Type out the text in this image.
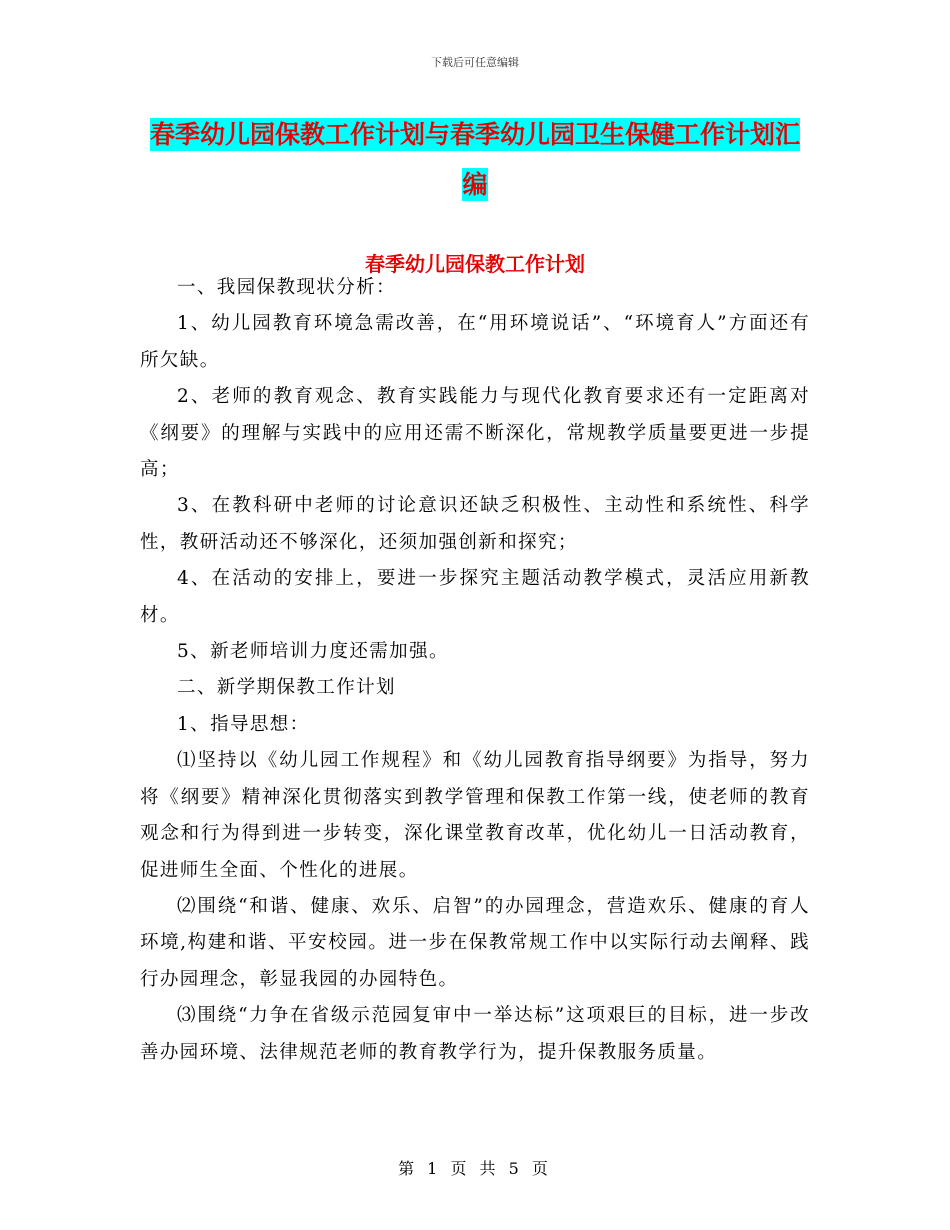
下载后可任意编辑
春季幼儿园保教工作计划与春季幼儿园卫生保健工作计划汇编
春季幼儿园保教工作计划

一、我园保教现状分析：

1、幼儿园教育环境急需改善，在“用环境说话”、“环境育人”方面还有所欠缺。

2、老师的教育观念、教育实践能力与现代化教育要求还有一定距离对《纲要》的理解与实践中的应用还需不断深化，常规教学质量要更进一步提高；

3、在教科研中老师的讨论意识还缺乏积极性、主动性和系统性、科学性，教研活动还不够深化，还须加强创新和探究；

4、在活动的安排上，要进一步探究主题活动教学模式，灵活应用新教材。

5、新老师培训力度还需加强。

二、新学期保教工作计划

1、指导思想：

⑴坚持以《幼儿园工作规程》和《幼儿园教育指导纲要》为指导，努力将《纲要》精神深化贯彻落实到教学管理和保教工作第一线，使老师的教育观念和行为得到进一步转变，深化课堂教育改革，优化幼儿一日活动教育，促进师生全面、个性化的进展。

⑵围绕“和谐、健康、欢乐、启智”的办园理念，营造欢乐、健康的育人环境,构建和谐、平安校园。进一步在保教常规工作中以实际行动去阐释、践行办园理念，彰显我园的办园特色。

⑶围绕“力争在省级示范园复审中一举达标”这项艰巨的目标，进一步改善办园环境、法律规范老师的教育教学行为，提升保教服务质量。

第 1 页 共 5 页
